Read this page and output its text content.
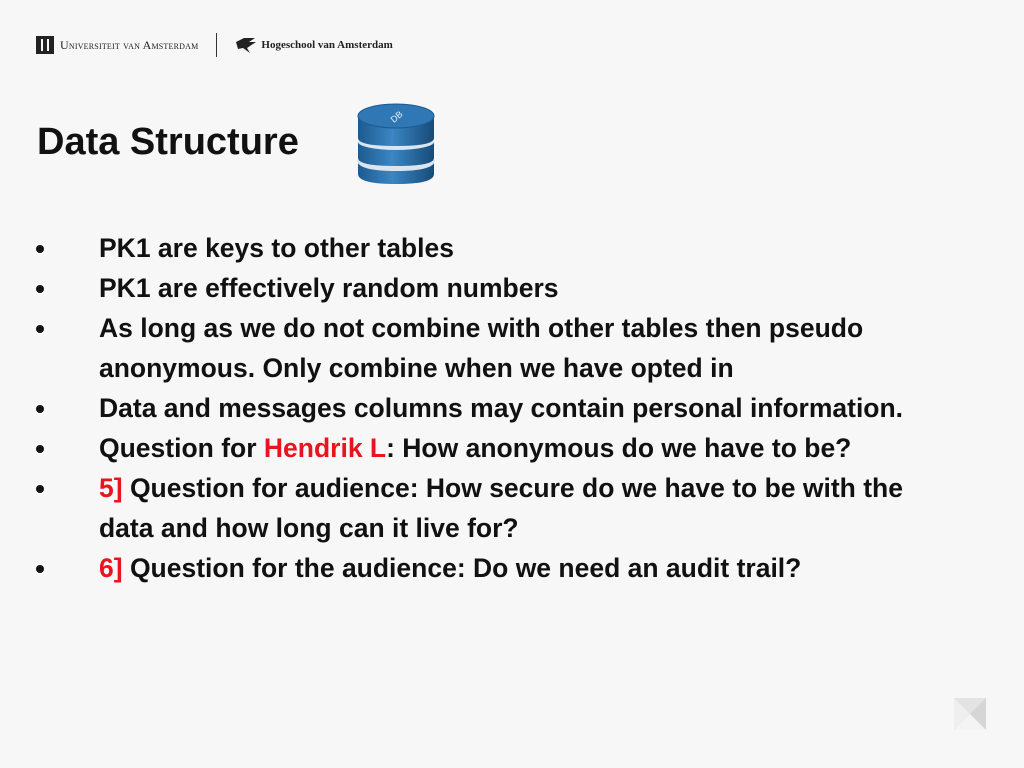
Universiteit van Amsterdam	Hogeschool van Amsterdam
Data Structure
DB
PK1 are keys to other tables
PK1 are effectively random numbers
As long as we do not combine with other tables then pseudo anonymous. Only combine when we have opted in
Data and messages columns may contain personal information.
Question for Hendrik L: How anonymous do we have to be?
5] Question for audience: How secure do we have to be with the data and how long can it live for?
6] Question for the audience: Do we need an audit trail?
